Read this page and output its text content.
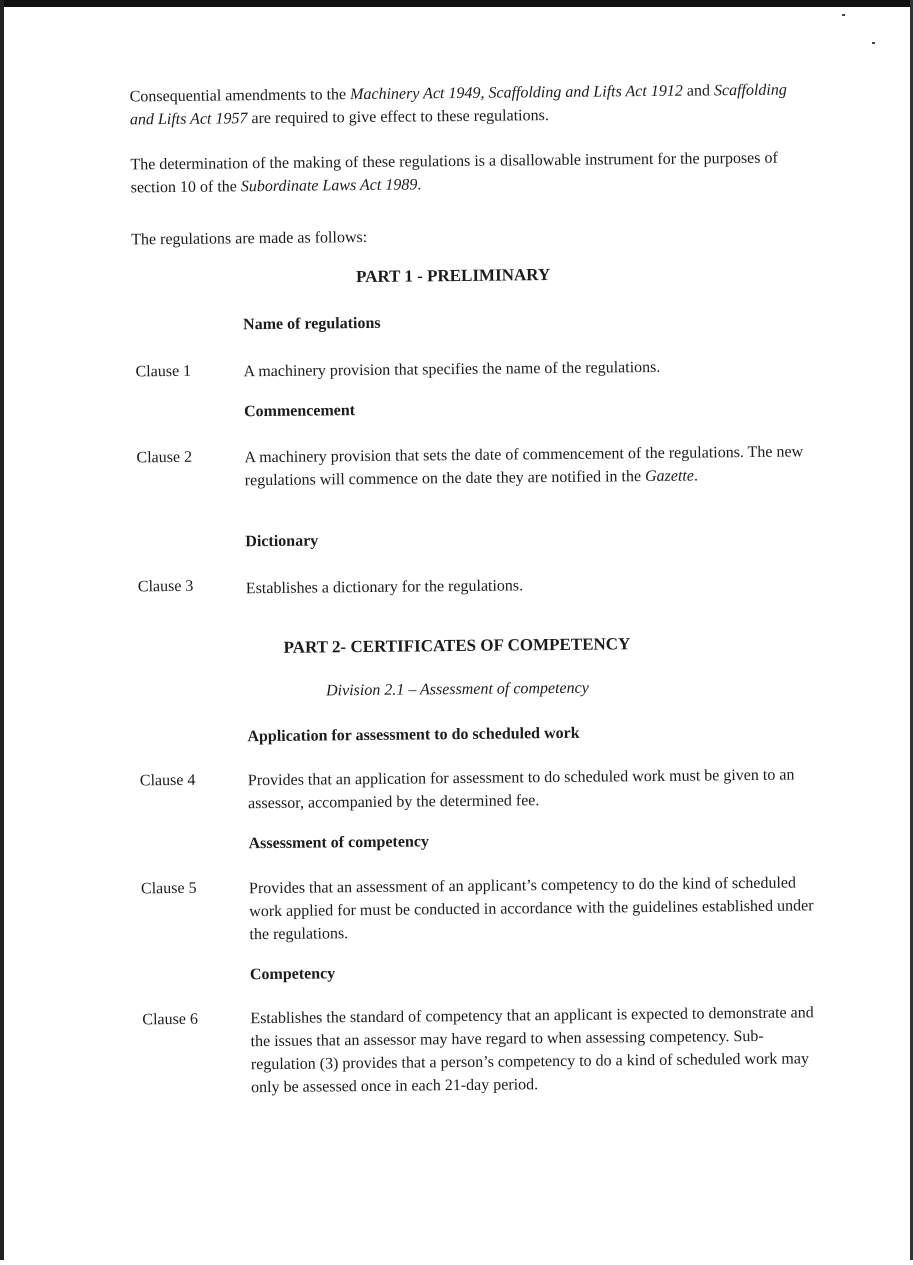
Consequential amendments to the Machinery Act 1949, Scaffolding and Lifts Act 1912 and Scaffolding and Lifts Act 1957 are required to give effect to these regulations.

The determination of the making of these regulations is a disallowable instrument for the purposes of section 10 of the Subordinate Laws Act 1989.

The regulations are made as follows:

PART 1 - PRELIMINARY
Name of regulations
Clause 1	A machinery provision that specifies the name of the regulations.
Commencement
Clause 2	A machinery provision that sets the date of commencement of the regulations. The new regulations will commence on the date they are notified in the Gazette.
Dictionary
Clause 3	Establishes a dictionary for the regulations.
PART 2- CERTIFICATES OF COMPETENCY
Division 2.1 – Assessment of competency
Application for assessment to do scheduled work
Clause 4	Provides that an application for assessment to do scheduled work must be given to an assessor, accompanied by the determined fee.
Assessment of competency
Clause 5	Provides that an assessment of an applicant’s competency to do the kind of scheduled work applied for must be conducted in accordance with the guidelines established under the regulations.
Competency
Clause 6	Establishes the standard of competency that an applicant is expected to demonstrate and the issues that an assessor may have regard to when assessing competency. Sub-regulation (3) provides that a person’s competency to do a kind of scheduled work may only be assessed once in each 21-day period.
